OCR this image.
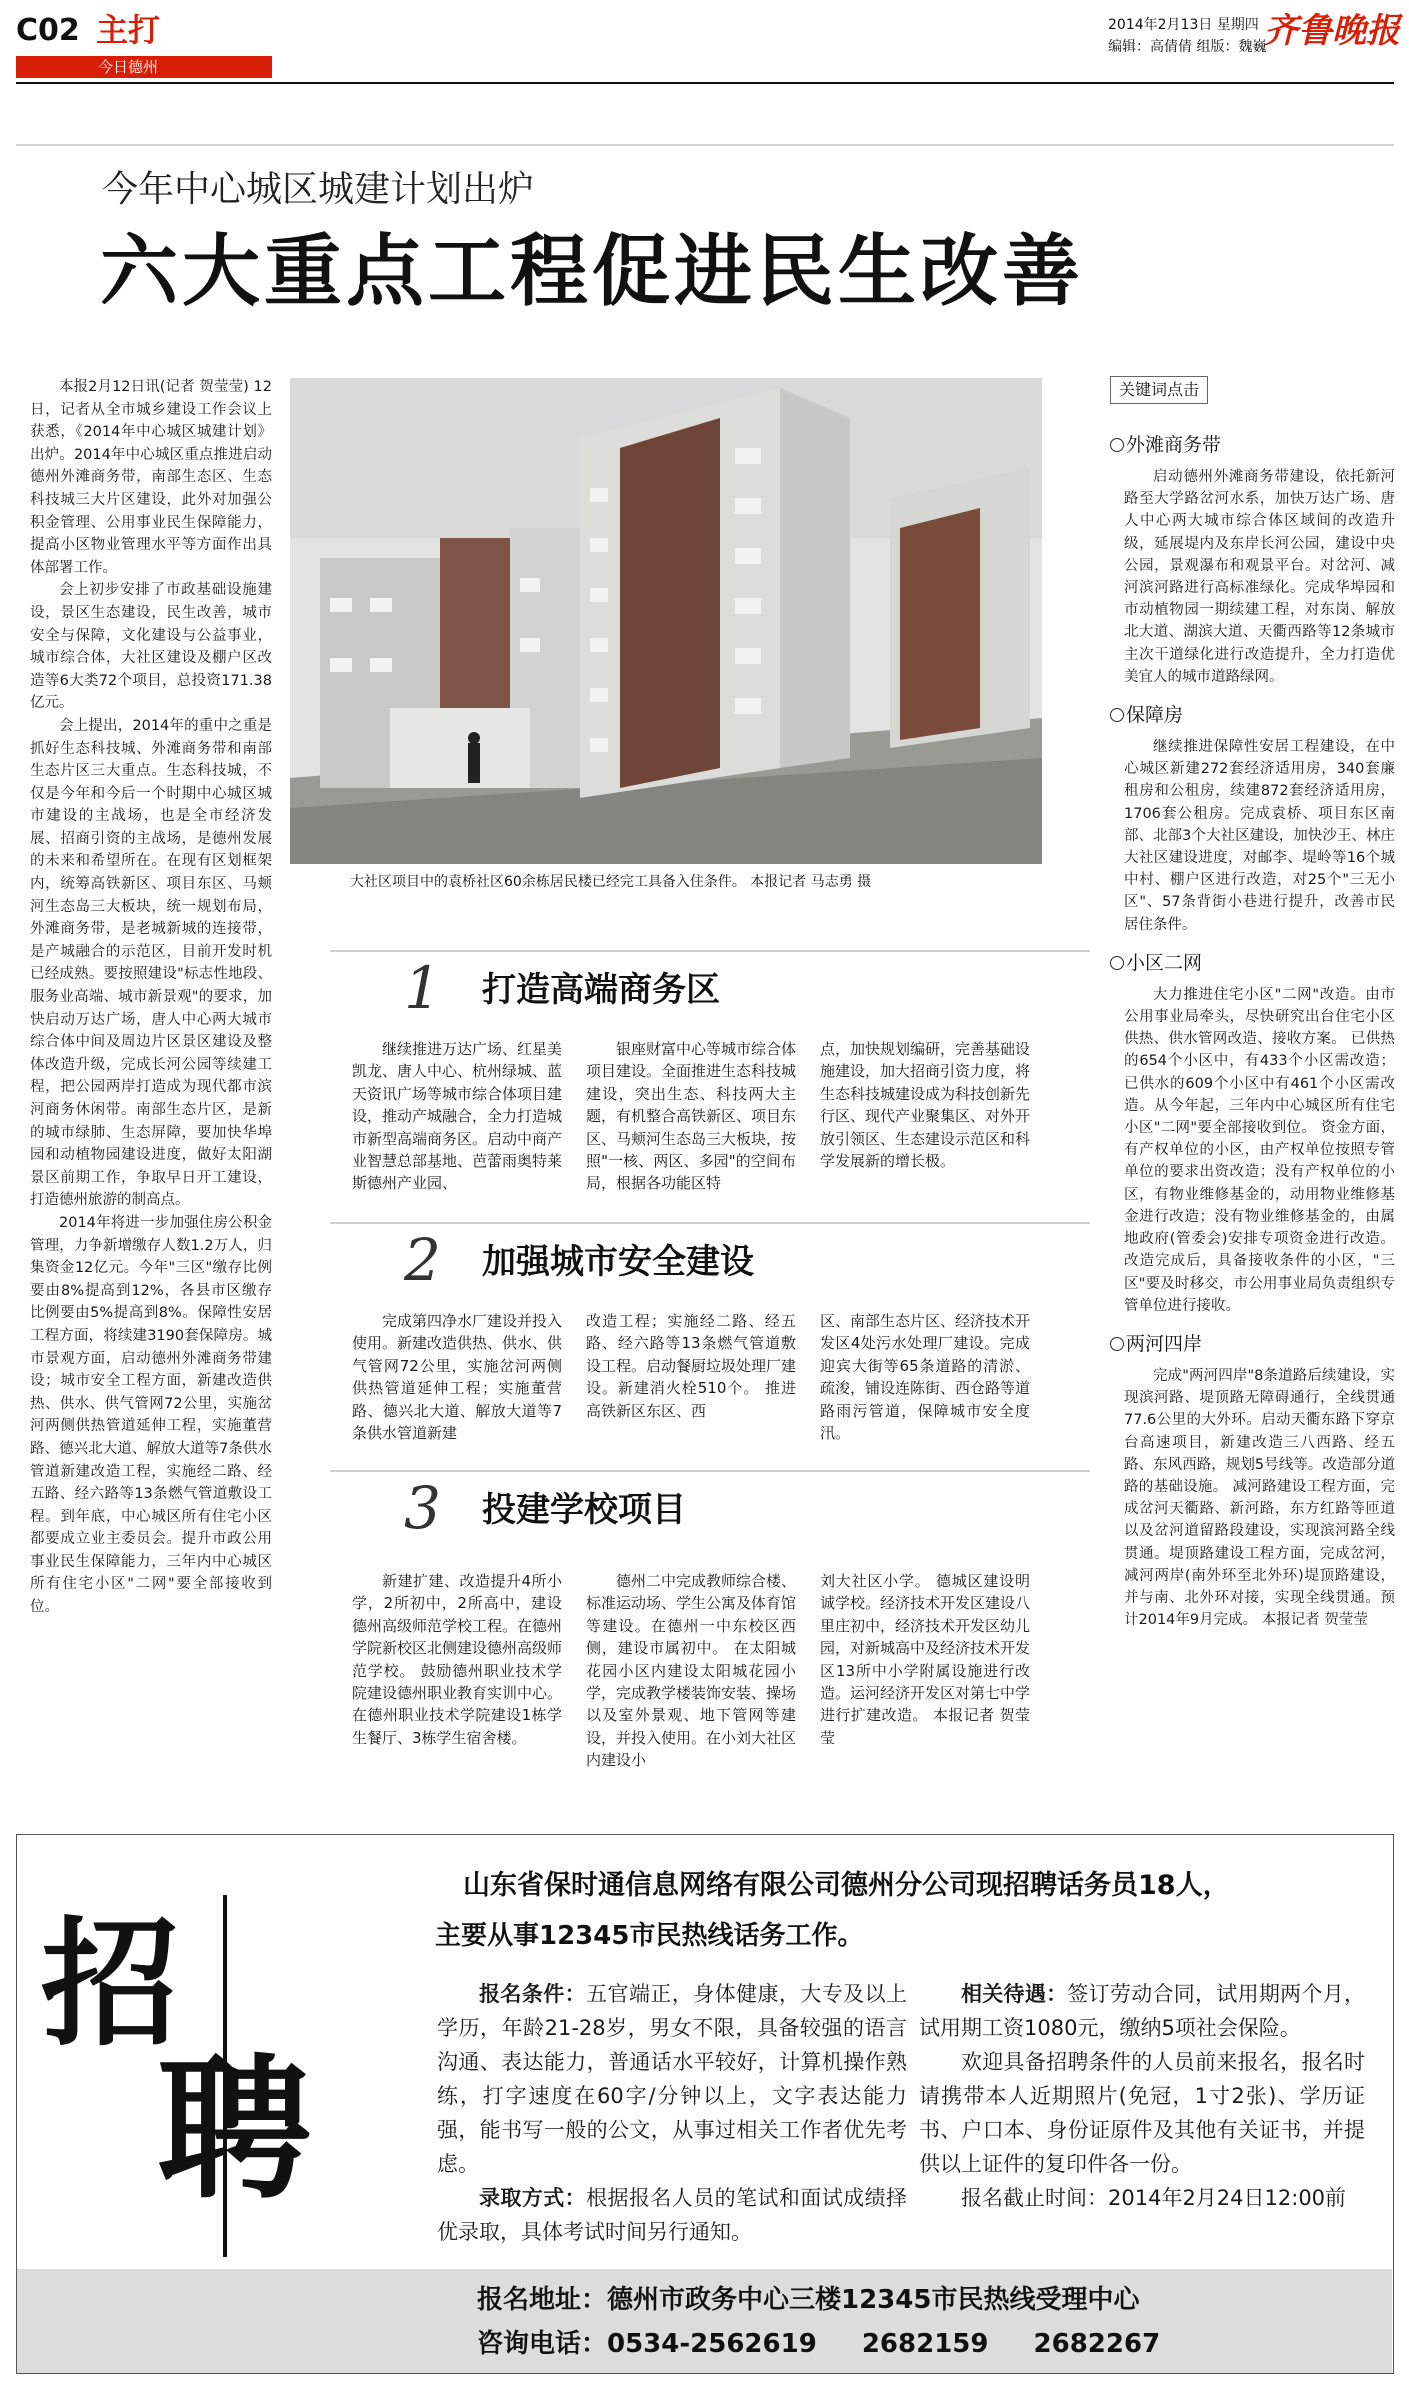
C02 主打
今日德州
2014年2月13日 星期四
编辑：高倩倩 组版：魏巍
齐鲁晚报
今年中心城区城建计划出炉
六大重点工程促进民生改善

本报2月12日讯(记者 贺莹莹) 12日，记者从全市城乡建设工作会议上获悉，《2014年中心城区城建计划》出炉。2014年中心城区重点推进启动德州外滩商务带，南部生态区、生态科技城三大片区建设，此外对加强公积金管理、公用事业民生保障能力，提高小区物业管理水平等方面作出具体部署工作。

会上初步安排了市政基础设施建设，景区生态建设，民生改善，城市安全与保障，文化建设与公益事业，城市综合体，大社区建设及棚户区改造等6大类72个项目，总投资171.38亿元。

会上提出，2014年的重中之重是抓好生态科技城、外滩商务带和南部生态片区三大重点。生态科技城，不仅是今年和今后一个时期中心城区城市建设的主战场，也是全市经济发展、招商引资的主战场，是德州发展的未来和希望所在。在现有区划框架内，统筹高铁新区、项目东区、马颊河生态岛三大板块，统一规划布局，外滩商务带，是老城新城的连接带，是产城融合的示范区，目前开发时机已经成熟。要按照建设"标志性地段、服务业高端、城市新景观"的要求，加快启动万达广场，唐人中心两大城市综合体中间及周边片区景区建设及整体改造升级，完成长河公园等续建工程，把公园两岸打造成为现代都市滨河商务休闲带。南部生态片区，是新的城市绿肺、生态屏障，要加快华埠园和动植物园建设进度，做好太阳湖景区前期工作，争取早日开工建设，打造德州旅游的制高点。

2014年将进一步加强住房公积金管理，力争新增缴存人数1.2万人，归集资金12亿元。今年"三区"缴存比例要由8%提高到12%，各县市区缴存比例要由5%提高到8%。保障性安居工程方面，将续建3190套保障房。城市景观方面，启动德州外滩商务带建设；城市安全工程方面，新建改造供热、供水、供气管网72公里，实施岔河两侧供热管道延伸工程，实施董营路、德兴北大道、解放大道等7条供水管道新建改造工程，实施经二路、经五路、经六路等13条燃气管道敷设工程。到年底，中心城区所有住宅小区都要成立业主委员会。提升市政公用事业民生保障能力，三年内中心城区所有住宅小区"二网"要全部接收到位。

大社区项目中的袁桥社区60余栋居民楼已经完工具备入住条件。 本报记者 马志勇 摄
1 打造高端商务区

继续推进万达广场、红星美凯龙、唐人中心、杭州绿城、蓝天资讯广场等城市综合体项目建设，推动产城融合，全力打造城市新型高端商务区。启动中商产业智慧总部基地、芭蕾雨奥特莱斯德州产业园、

银座财富中心等城市综合体项目建设。全面推进生态科技城建设，突出生态、科技两大主题，有机整合高铁新区、项目东区、马颊河生态岛三大板块，按照"一核、两区、多园"的空间布局，根据各功能区特

点，加快规划编研，完善基础设施建设，加大招商引资力度，将生态科技城建设成为科技创新先行区、现代产业聚集区、对外开放引领区、生态建设示范区和科学发展新的增长极。

2 加强城市安全建设

完成第四净水厂建设并投入使用。新建改造供热、供水、供气管网72公里，实施岔河两侧供热管道延伸工程；实施董营路、德兴北大道、解放大道等7条供水管道新建

改造工程；实施经二路、经五路、经六路等13条燃气管道敷设工程。启动餐厨垃圾处理厂建设。新建消火栓510个。 推进高铁新区东区、西

区、南部生态片区、经济技术开发区4处污水处理厂建设。完成迎宾大街等65条道路的清淤、疏浚，铺设连陈街、西仓路等道路雨污管道，保障城市安全度汛。

3 投建学校项目

新建扩建、改造提升4所小学，2所初中，2所高中，建设德州高级师范学校工程。在德州学院新校区北侧建设德州高级师范学校。 鼓励德州职业技术学院建设德州职业教育实训中心。在德州职业技术学院建设1栋学生餐厅、3栋学生宿舍楼。

德州二中完成教师综合楼、标准运动场、学生公寓及体育馆等建设。在德州一中东校区西侧，建设市属初中。 在太阳城花园小区内建设太阳城花园小学，完成教学楼装饰安装、操场以及室外景观、地下管网等建设，并投入使用。在小刘大社区内建设小

刘大社区小学。 德城区建设明诚学校。经济技术开发区建设八里庄初中，经济技术开发区幼儿园，对新城高中及经济技术开发区13所中小学附属设施进行改造。运河经济开发区对第七中学进行扩建改造。 本报记者 贺莹莹

关键词点击
外滩商务带

启动德州外滩商务带建设，依托新河路至大学路岔河水系，加快万达广场、唐人中心两大城市综合体区域间的改造升级，延展堤内及东岸长河公园，建设中央公园，景观瀑布和观景平台。对岔河、减河滨河路进行高标准绿化。完成华埠园和市动植物园一期续建工程，对东岗、解放北大道、湖滨大道、天衢西路等12条城市主次干道绿化进行改造提升，全力打造优美宜人的城市道路绿网。

保障房

继续推进保障性安居工程建设，在中心城区新建272套经济适用房，340套廉租房和公租房，续建872套经济适用房，1706套公租房。完成袁桥、项目东区南部、北部3个大社区建设，加快沙王、林庄大社区建设进度，对邮李、堤岭等16个城中村、棚户区进行改造，对25个"三无小区"、57条背街小巷进行提升，改善市民居住条件。

小区二网

大力推进住宅小区"二网"改造。由市公用事业局牵头，尽快研究出台住宅小区供热、供水管网改造、接收方案。 已供热的654个小区中，有433个小区需改造；已供水的609个小区中有461个小区需改造。从今年起，三年内中心城区所有住宅小区"二网"要全部接收到位。 资金方面，有产权单位的小区，由产权单位按照专管单位的要求出资改造；没有产权单位的小区，有物业维修基金的，动用物业维修基金进行改造；没有物业维修基金的，由属地政府(管委会)安排专项资金进行改造。改造完成后，具备接收条件的小区，"三区"要及时移交，市公用事业局负责组织专管单位进行接收。

两河四岸

完成"两河四岸"8条道路后续建设，实现滨河路、堤顶路无障碍通行，全线贯通77.6公里的大外环。启动天衢东路下穿京台高速项目，新建改造三八西路、经五路、东风西路，规划5号线等。改造部分道路的基础设施。 减河路建设工程方面，完成岔河天衢路、新河路，东方红路等匝道以及岔河道留路段建设，实现滨河路全线贯通。堤顶路建设工程方面，完成岔河，减河两岸(南外环至北外环)堤顶路建设，并与南、北外环对接，实现全线贯通。预计2014年9月完成。 本报记者 贺莹莹

招
聘
山东省保时通信息网络有限公司德州分公司现招聘话务员18人，
主要从事12345市民热线话务工作。

报名条件：五官端正，身体健康，大专及以上学历，年龄21-28岁，男女不限，具备较强的语言沟通、表达能力，普通话水平较好，计算机操作熟练，打字速度在60字/分钟以上，文字表达能力强，能书写一般的公文，从事过相关工作者优先考虑。

录取方式：根据报名人员的笔试和面试成绩择优录取，具体考试时间另行通知。

相关待遇：签订劳动合同，试用期两个月，试用期工资1080元，缴纳5项社会保险。

欢迎具备招聘条件的人员前来报名，报名时请携带本人近期照片(免冠，1寸2张)、学历证书、户口本、身份证原件及其他有关证书，并提供以上证件的复印件各一份。

报名截止时间：2014年2月24日12:00前

报名地址：德州市政务中心三楼12345市民热线受理中心
咨询电话：0534-2562619 2682159 2682267
